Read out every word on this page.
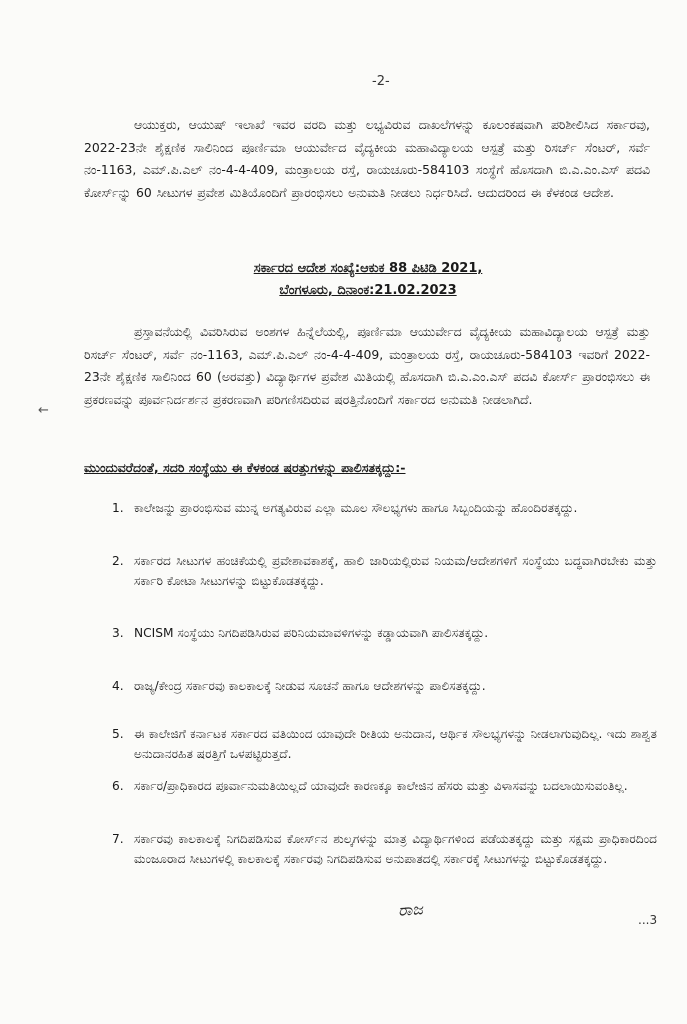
-2-
ಆಯುಕ್ತರು, ಆಯುಷ್ ಇಲಾಖೆ ಇವರ ವರದಿ ಮತ್ತು ಲಭ್ಯವಿರುವ ದಾಖಲೆಗಳನ್ನು ಕೂಲಂಕಷವಾಗಿ ಪರಿಶೀಲಿಸಿದ ಸರ್ಕಾರವು, 2022-23ನೇ ಶೈಕ್ಷಣಿಕ ಸಾಲಿನಿಂದ ಪೂರ್ಣಿಮಾ ಆಯುರ್ವೇದ ವೈದ್ಯಕೀಯ ಮಹಾವಿದ್ಯಾಲಯ ಆಸ್ಪತ್ರೆ ಮತ್ತು ರಿಸರ್ಚ್ ಸೆಂಟರ್, ಸರ್ವೆ ನಂ-1163, ಎಮ್.ಪಿ.ಎಲ್ ನಂ-4-4-409, ಮಂತ್ರಾಲಯ ರಸ್ತೆ, ರಾಯಚೂರು-584103 ಸಂಸ್ಥೆಗೆ ಹೊಸದಾಗಿ ಬಿ.ಎ.ಎಂ.ಎಸ್ ಪದವಿ ಕೋರ್ಸ್‌ನ್ನು 60 ಸೀಟುಗಳ ಪ್ರವೇಶ ಮಿತಿಯೊಂದಿಗೆ ಪ್ರಾರಂಭಿಸಲು ಅನುಮತಿ ನೀಡಲು ನಿರ್ಧರಿಸಿದೆ. ಆದುದರಿಂದ ಈ ಕೆಳಕಂಡ ಆದೇಶ.
ಸರ್ಕಾರದ ಆದೇಶ ಸಂಖ್ಯೆ:ಆಕುಕ 88 ಪಿಟಿಡಿ 2021,
ಬೆಂಗಳೂರು, ದಿನಾಂಕ:21.02.2023
ಪ್ರಸ್ತಾವನೆಯಲ್ಲಿ ವಿವರಿಸಿರುವ ಅಂಶಗಳ ಹಿನ್ನೆಲೆಯಲ್ಲಿ, ಪೂರ್ಣಿಮಾ ಆಯುರ್ವೇದ ವೈದ್ಯಕೀಯ ಮಹಾವಿದ್ಯಾಲಯ ಆಸ್ಪತ್ರೆ ಮತ್ತು ರಿಸರ್ಚ್ ಸೆಂಟರ್, ಸರ್ವೆ ನಂ-1163, ಎಮ್.ಪಿ.ಎಲ್ ನಂ-4-4-409, ಮಂತ್ರಾಲಯ ರಸ್ತೆ, ರಾಯಚೂರು-584103 ಇವರಿಗೆ 2022-23ನೇ ಶೈಕ್ಷಣಿಕ ಸಾಲಿನಿಂದ 60 (ಅರವತ್ತು) ವಿದ್ಯಾರ್ಥಿಗಳ ಪ್ರವೇಶ ಮಿತಿಯಲ್ಲಿ ಹೊಸದಾಗಿ ಬಿ.ಎ.ಎಂ.ಎಸ್ ಪದವಿ ಕೋರ್ಸ್ ಪ್ರಾರಂಭಿಸಲು ಈ ಪ್ರಕರಣವನ್ನು ಪೂರ್ವನಿರ್ದರ್ಶನ ಪ್ರಕರಣವಾಗಿ ಪರಿಗಣಿಸದಿರುವ ಷರತ್ತಿನೊಂದಿಗೆ ಸರ್ಕಾರದ ಅನುಮತಿ ನೀಡಲಾಗಿದೆ.
←
ಮುಂದುವರೆದಂತೆ, ಸದರಿ ಸಂಸ್ಥೆಯು ಈ ಕೆಳಕಂಡ ಷರತ್ತುಗಳನ್ನು ಪಾಲಿಸತಕ್ಕದ್ದು:-
1. ಕಾಲೇಜನ್ನು ಪ್ರಾರಂಭಿಸುವ ಮುನ್ನ ಅಗತ್ಯವಿರುವ ಎಲ್ಲಾ ಮೂಲ ಸೌಲಭ್ಯಗಳು ಹಾಗೂ ಸಿಬ್ಬಂದಿಯನ್ನು ಹೊಂದಿರತಕ್ಕದ್ದು.
2. ಸರ್ಕಾರದ ಸೀಟುಗಳ ಹಂಚಿಕೆಯಲ್ಲಿ ಪ್ರವೇಶಾವಕಾಶಕ್ಕೆ, ಹಾಲಿ ಜಾರಿಯಲ್ಲಿರುವ ನಿಯಮ/ಆದೇಶಗಳಿಗೆ ಸಂಸ್ಥೆಯು ಬದ್ಧವಾಗಿರಬೇಕು ಮತ್ತು ಸರ್ಕಾರಿ ಕೋಟಾ ಸೀಟುಗಳನ್ನು ಬಿಟ್ಟುಕೊಡತಕ್ಕದ್ದು.
3. NCISM ಸಂಸ್ಥೆಯು ನಿಗದಿಪಡಿಸಿರುವ ಪರಿನಿಯಮಾವಳಿಗಳನ್ನು ಕಡ್ಡಾಯವಾಗಿ ಪಾಲಿಸತಕ್ಕದ್ದು.
4. ರಾಜ್ಯ/ಕೇಂದ್ರ ಸರ್ಕಾರವು ಕಾಲಕಾಲಕ್ಕೆ ನೀಡುವ ಸೂಚನೆ ಹಾಗೂ ಆದೇಶಗಳನ್ನು ಪಾಲಿಸತಕ್ಕದ್ದು.
5. ಈ ಕಾಲೇಜಿಗೆ ಕರ್ನಾಟಕ ಸರ್ಕಾರದ ವತಿಯಿಂದ ಯಾವುದೇ ರೀತಿಯ ಅನುದಾನ, ಆರ್ಥಿಕ ಸೌಲಭ್ಯಗಳನ್ನು ನೀಡಲಾಗುವುದಿಲ್ಲ. ಇದು ಶಾಶ್ವತ ಅನುದಾನರಹಿತ ಷರತ್ತಿಗೆ ಒಳಪಟ್ಟಿರುತ್ತದೆ.
6. ಸರ್ಕಾರ/ಪ್ರಾಧಿಕಾರದ ಪೂರ್ವಾನುಮತಿಯಿಲ್ಲದೆ ಯಾವುದೇ ಕಾರಣಕ್ಕೂ ಕಾಲೇಜಿನ ಹೆಸರು ಮತ್ತು ವಿಳಾಸವನ್ನು ಬದಲಾಯಿಸುವಂತಿಲ್ಲ.
7. ಸರ್ಕಾರವು ಕಾಲಕಾಲಕ್ಕೆ ನಿಗದಿಪಡಿಸುವ ಕೋರ್ಸ್‌ನ ಶುಲ್ಕಗಳನ್ನು ಮಾತ್ರ ವಿದ್ಯಾರ್ಥಿಗಳಿಂದ ಪಡೆಯತಕ್ಕದ್ದು ಮತ್ತು ಸಕ್ಷಮ ಪ್ರಾಧಿಕಾರದಿಂದ ಮಂಜೂರಾದ ಸೀಟುಗಳಲ್ಲಿ ಕಾಲಕಾಲಕ್ಕೆ ಸರ್ಕಾರವು ನಿಗದಿಪಡಿಸುವ ಅನುಪಾತದಲ್ಲಿ ಸರ್ಕಾರಕ್ಕೆ ಸೀಟುಗಳನ್ನು ಬಿಟ್ಟುಕೊಡತಕ್ಕದ್ದು.
ರಾಜ
...3
